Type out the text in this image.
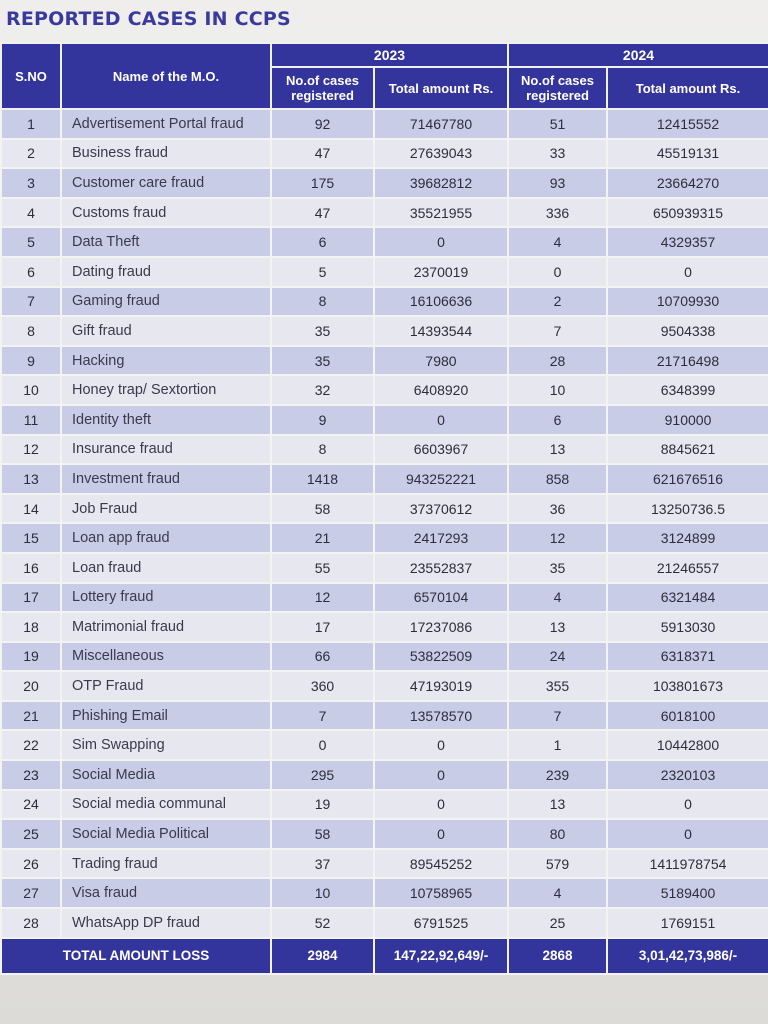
REPORTED CASES IN CCPS
S.NO	Name of the M.O.	2023		2024	
		No.of cases registered	Total amount Rs.	No.of cases registered	Total amount Rs.
1	Advertisement Portal fraud	92	71467780	51	12415552
2	Business fraud	47	27639043	33	45519131
3	Customer care fraud	175	39682812	93	23664270
4	Customs fraud	47	35521955	336	650939315
5	Data Theft	6	0	4	4329357
6	Dating fraud	5	2370019	0	0
7	Gaming fraud	8	16106636	2	10709930
8	Gift fraud	35	14393544	7	9504338
9	Hacking	35	7980	28	21716498
10	Honey trap/ Sextortion	32	6408920	10	6348399
11	Identity theft	9	0	6	910000
12	Insurance fraud	8	6603967	13	8845621
13	Investment fraud	1418	943252221	858	621676516
14	Job Fraud	58	37370612	36	13250736.5
15	Loan app fraud	21	2417293	12	3124899
16	Loan fraud	55	23552837	35	21246557
17	Lottery fraud	12	6570104	4	6321484
18	Matrimonial fraud	17	17237086	13	5913030
19	Miscellaneous	66	53822509	24	6318371
20	OTP Fraud	360	47193019	355	103801673
21	Phishing Email	7	13578570	7	6018100
22	Sim Swapping	0	0	1	10442800
23	Social Media	295	0	239	2320103
24	Social media communal	19	0	13	0
25	Social Media Political	58	0	80	0
26	Trading fraud	37	89545252	579	1411978754
27	Visa fraud	10	10758965	4	5189400
28	WhatsApp DP fraud	52	6791525	25	1769151
TOTAL AMOUNT LOSS		2984	147,22,92,649/-	2868	3,01,42,73,986/-
